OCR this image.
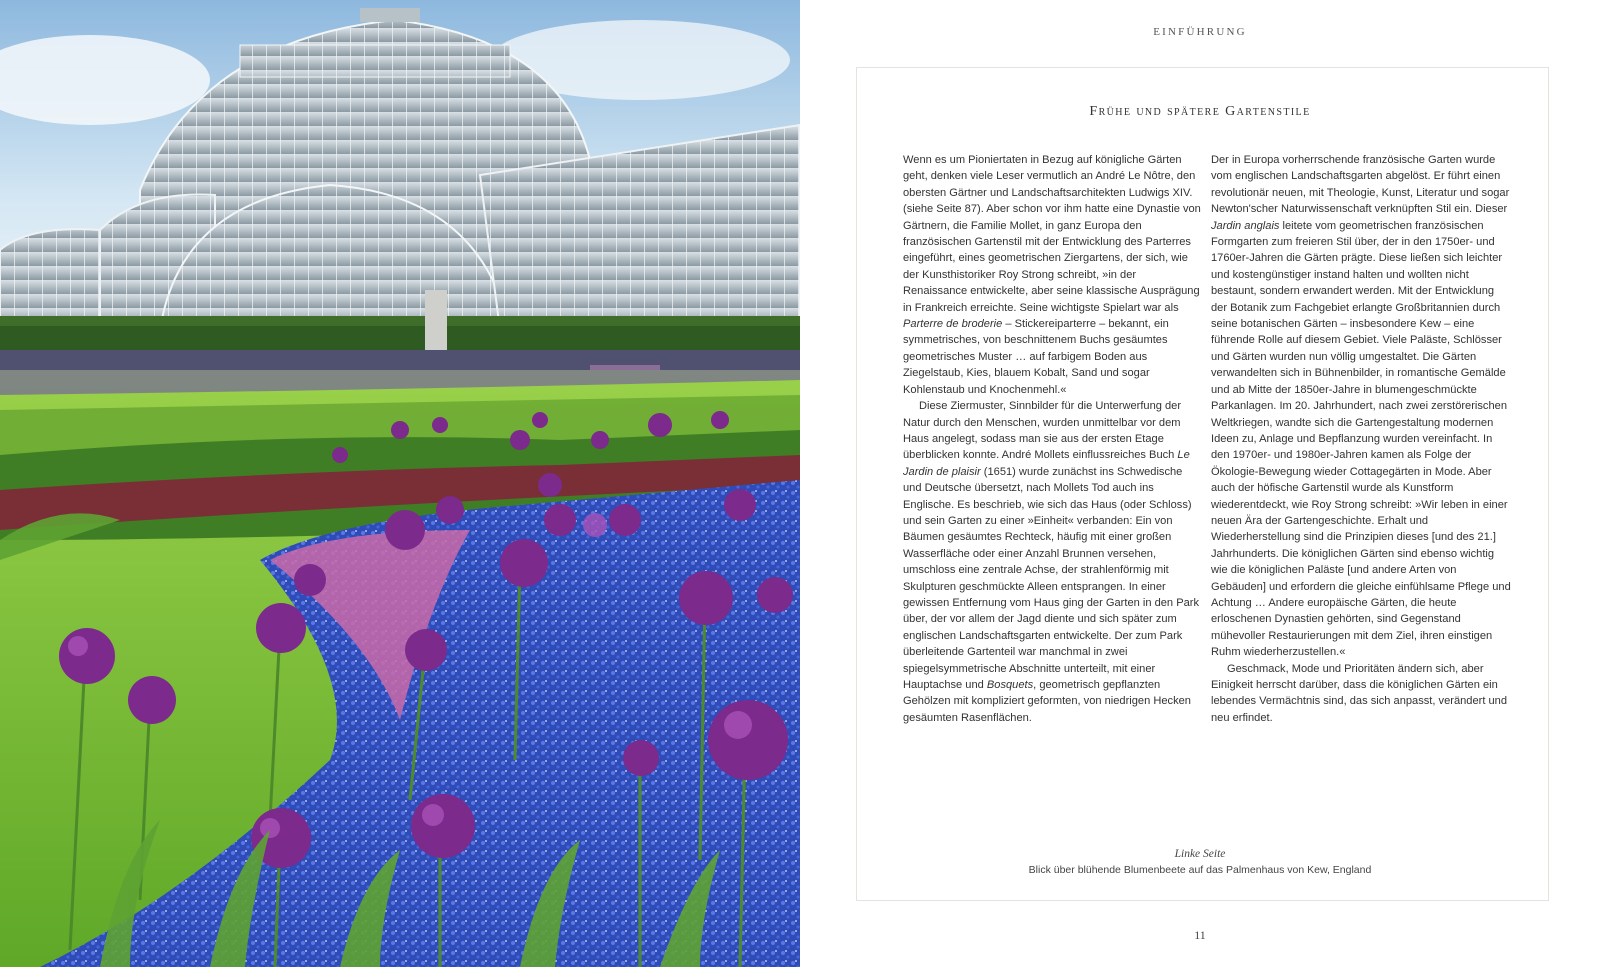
EINFÜHRUNG
Frühe und spätere Gartenstile

Wenn es um Pioniertaten in Bezug auf königliche Gärten geht, denken viele Leser vermutlich an André Le Nôtre, den obersten Gärtner und Landschaftsarchitekten Ludwigs XIV. (siehe Seite 87). Aber schon vor ihm hatte eine Dynastie von Gärtnern, die Familie Mollet, in ganz Europa den französischen Gartenstil mit der Entwicklung des Parterres eingeführt, eines geometrischen Ziergartens, der sich, wie der Kunsthistoriker Roy Strong schreibt, »in der Renaissance entwickelte, aber seine klassische Ausprägung in Frankreich erreichte. Seine wichtigste Spielart war als Parterre de broderie – Stickereiparterre – bekannt, ein symmetrisches, von beschnittenem Buchs gesäumtes geometrisches Muster … auf farbigem Boden aus Ziegelstaub, Kies, blauem Kobalt, Sand und sogar Kohlenstaub und Knochenmehl.«

Diese Ziermuster, Sinnbilder für die Unterwerfung der Natur durch den Menschen, wurden unmittelbar vor dem Haus angelegt, sodass man sie aus der ersten Etage überblicken konnte. André Mollets einflussreiches Buch Le Jardin de plaisir (1651) wurde zunächst ins Schwedische und Deutsche übersetzt, nach Mollets Tod auch ins Englische. Es beschrieb, wie sich das Haus (oder Schloss) und sein Garten zu einer »Einheit« verbanden: Ein von Bäumen gesäumtes Rechteck, häufig mit einer großen Wasserfläche oder einer Anzahl Brunnen versehen, umschloss eine zentrale Achse, der strahlenförmig mit Skulpturen geschmückte Alleen entsprangen. In einer gewissen Entfernung vom Haus ging der Garten in den Park über, der vor allem der Jagd diente und sich später zum englischen Landschaftsgarten entwickelte. Der zum Park überleitende Gartenteil war manchmal in zwei spiegelsymmetrische Abschnitte unterteilt, mit einer Hauptachse und Bosquets, geometrisch gepflanzten Gehölzen mit kompliziert geformten, von niedrigen Hecken gesäumten Rasenflächen.

Der in Europa vorherrschende französische Garten wurde vom englischen Landschaftsgarten abgelöst. Er führt einen revolutionär neuen, mit Theologie, Kunst, Literatur und sogar Newton'scher Naturwissenschaft verknüpften Stil ein. Dieser Jardin anglais leitete vom geometrischen französischen Formgarten zum freieren Stil über, der in den 1750er- und 1760er-Jahren die Gärten prägte. Diese ließen sich leichter und kostengünstiger instand halten und wollten nicht bestaunt, sondern erwandert werden. Mit der Entwicklung der Botanik zum Fachgebiet erlangte Großbritannien durch seine botanischen Gärten – insbesondere Kew – eine führende Rolle auf diesem Gebiet. Viele Paläste, Schlösser und Gärten wurden nun völlig umgestaltet. Die Gärten verwandelten sich in Bühnenbilder, in romantische Gemälde und ab Mitte der 1850er-Jahre in blumengeschmückte Parkanlagen. Im 20. Jahrhundert, nach zwei zerstörerischen Weltkriegen, wandte sich die Gartengestaltung modernen Ideen zu, Anlage und Bepflanzung wurden vereinfacht. In den 1970er- und 1980er-Jahren kamen als Folge der Ökologie-Bewegung wieder Cottagegärten in Mode. Aber auch der höfische Gartenstil wurde als Kunstform wiederentdeckt, wie Roy Strong schreibt: »Wir leben in einer neuen Ära der Gartengeschichte. Erhalt und Wiederherstellung sind die Prinzipien dieses [und des 21.] Jahrhunderts. Die königlichen Gärten sind ebenso wichtig wie die königlichen Paläste [und andere Arten von Gebäuden] und erfordern die gleiche einfühlsame Pflege und Achtung … Andere europäische Gärten, die heute erloschenen Dynastien gehörten, sind Gegenstand mühevoller Restaurierungen mit dem Ziel, ihren einstigen Ruhm wiederherzustellen.«

Geschmack, Mode und Prioritäten ändern sich, aber Einigkeit herrscht darüber, dass die königlichen Gärten ein lebendes Vermächtnis sind, das sich anpasst, verändert und neu erfindet.

Linke Seite
Blick über blühende Blumenbeete auf das Palmenhaus von Kew, England
11
